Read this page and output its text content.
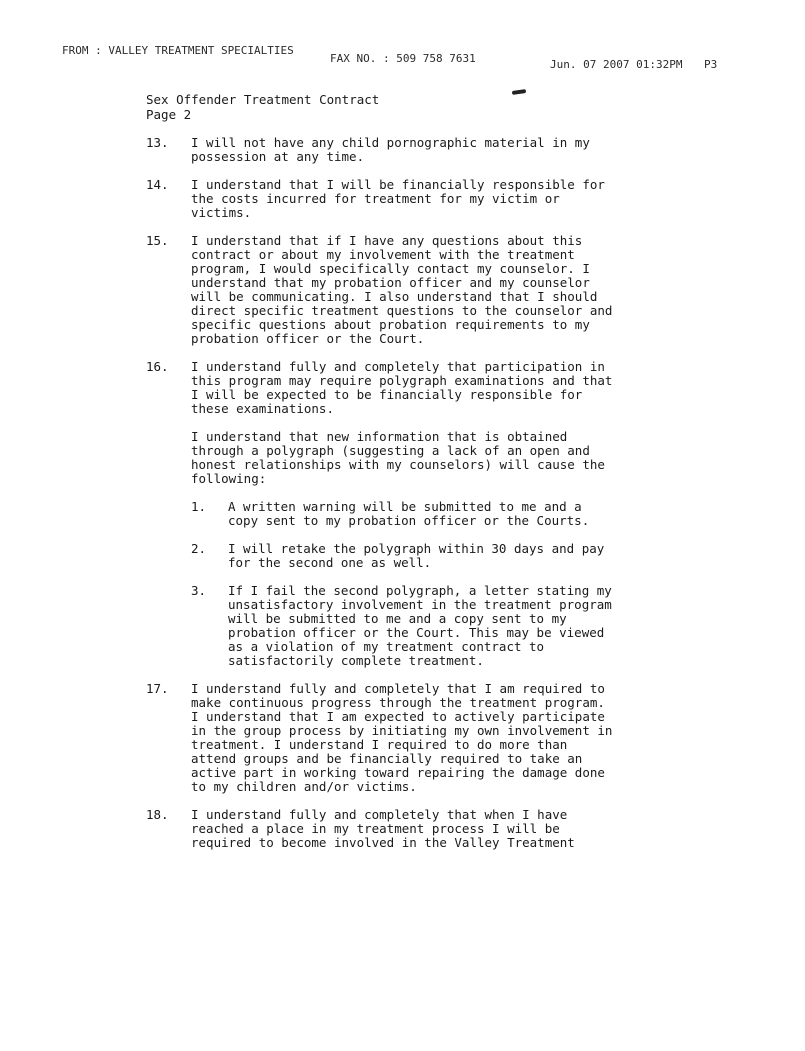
FROM : VALLEY TREATMENT SPECIALTIES
FAX NO. : 509 758 7631	Jun. 07 2007 01:32PM P3
Sex Offender Treatment Contract
Page 2
13. I will not have any child pornographic material in my
possession at any time.
14. I understand that I will be financially responsible for
the costs incurred for treatment for my victim or
victims.
15. I understand that if I have any questions about this
contract or about my involvement with the treatment
program, I would specifically contact my counselor. I
understand that my probation officer and my counselor
will be communicating. I also understand that I should
direct specific treatment questions to the counselor and
specific questions about probation requirements to my
probation officer or the Court.
16. I understand fully and completely that participation in
this program may require polygraph examinations and that
I will be expected to be financially responsible for
these examinations.
I understand that new information that is obtained
through a polygraph (suggesting a lack of an open and
honest relationships with my counselors) will cause the
following:
1. A written warning will be submitted to me and a
copy sent to my probation officer or the Courts.
2. I will retake the polygraph within 30 days and pay
for the second one as well.
3. If I fail the second polygraph, a letter stating my
unsatisfactory involvement in the treatment program
will be submitted to me and a copy sent to my
probation officer or the Court. This may be viewed
as a violation of my treatment contract to
satisfactorily complete treatment.
17. I understand fully and completely that I am required to
make continuous progress through the treatment program.
I understand that I am expected to actively participate
in the group process by initiating my own involvement in
treatment. I understand I required to do more than
attend groups and be financially required to take an
active part in working toward repairing the damage done
to my children and/or victims.
18. I understand fully and completely that when I have
reached a place in my treatment process I will be
required to become involved in the Valley Treatment
